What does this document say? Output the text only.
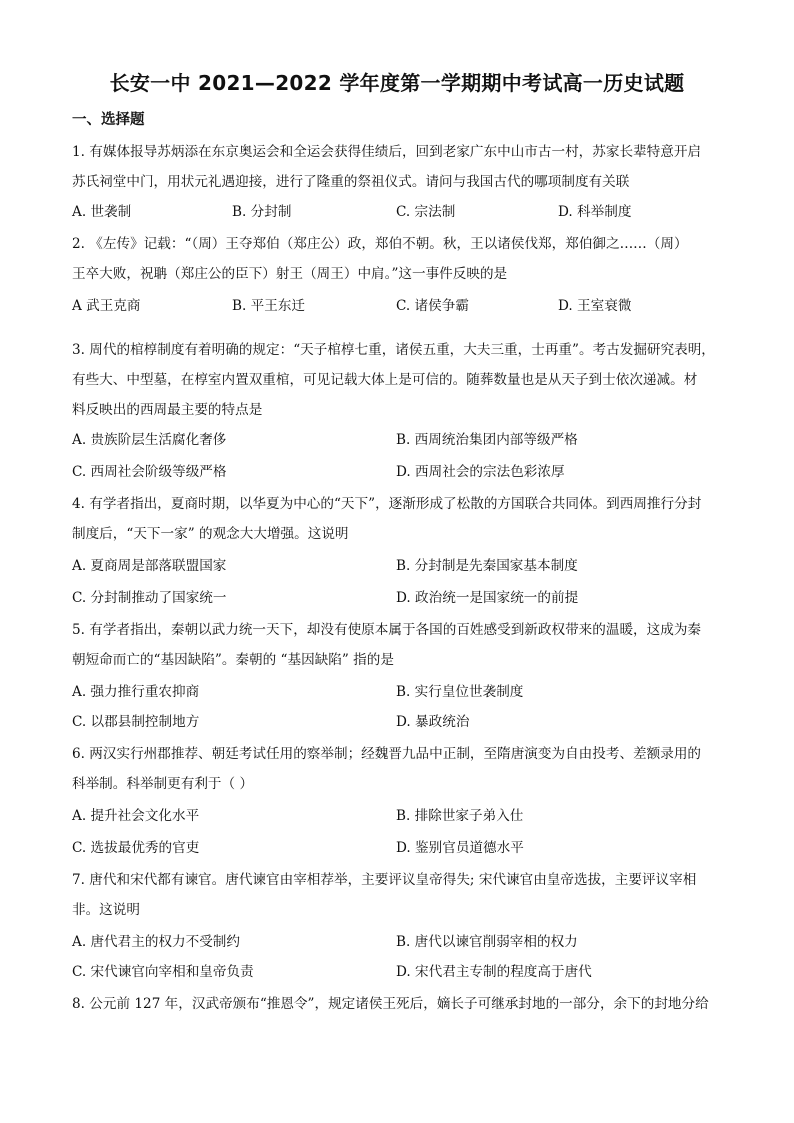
长安一中 2021—2022 学年度第一学期期中考试高一历史试题
一、选择题
1. 有媒体报导苏炳添在东京奥运会和全运会获得佳绩后，回到老家广东中山市古一村，苏家长辈特意开启
苏氏祠堂中门，用状元礼遇迎接，进行了隆重的祭祖仪式。请问与我国古代的哪项制度有关联
A. 世袭制	B. 分封制	C. 宗法制	D. 科举制度
2. 《左传》记载：“（周）王夺郑伯（郑庄公）政，郑伯不朝。秋，王以诸侯伐郑，郑伯御之……（周）
王卒大败，祝聃（郑庄公的臣下）射王（周王）中肩。”这一事件反映的是
A 武王克商	B. 平王东迁	C. 诸侯争霸	D. 王室衰微
3. 周代的棺椁制度有着明确的规定：“天子棺椁七重，诸侯五重，大夫三重，士再重”。考古发掘研究表明，
有些大、中型墓，在椁室内置双重棺，可见记载大体上是可信的。随葬数量也是从天子到士依次递减。材
料反映出的西周最主要的特点是
A. 贵族阶层生活腐化奢侈	B. 西周统治集团内部等级严格
C. 西周社会阶级等级严格	D. 西周社会的宗法色彩浓厚
4. 有学者指出，夏商时期，以华夏为中心的“天下”，逐渐形成了松散的方国联合共同体。到西周推行分封
制度后，“天下一家” 的观念大大增强。这说明
A. 夏商周是部落联盟国家	B. 分封制是先秦国家基本制度
C. 分封制推动了国家统一	D. 政治统一是国家统一的前提
5. 有学者指出，秦朝以武力统一天下，却没有使原本属于各国的百姓感受到新政权带来的温暖，这成为秦
朝短命而亡的“基因缺陷”。秦朝的 “基因缺陷” 指的是
A. 强力推行重农抑商	B. 实行皇位世袭制度
C. 以郡县制控制地方	D. 暴政统治
6. 两汉实行州郡推荐、朝廷考试任用的察举制；经魏晋九品中正制，至隋唐演变为自由投考、差额录用的
科举制。科举制更有利于（ ）
A. 提升社会文化水平	B. 排除世家子弟入仕
C. 选拔最优秀的官吏	D. 鉴别官员道德水平
7. 唐代和宋代都有谏官。唐代谏官由宰相荐举，主要评议皇帝得失; 宋代谏官由皇帝选拔，主要评议宰相
非。这说明
A. 唐代君主的权力不受制约	B. 唐代以谏官削弱宰相的权力
C. 宋代谏官向宰相和皇帝负责	D. 宋代君主专制的程度高于唐代
8. 公元前 127 年，汉武帝颁布“推恩令”，规定诸侯王死后，嫡长子可继承封地的一部分，余下的封地分给
